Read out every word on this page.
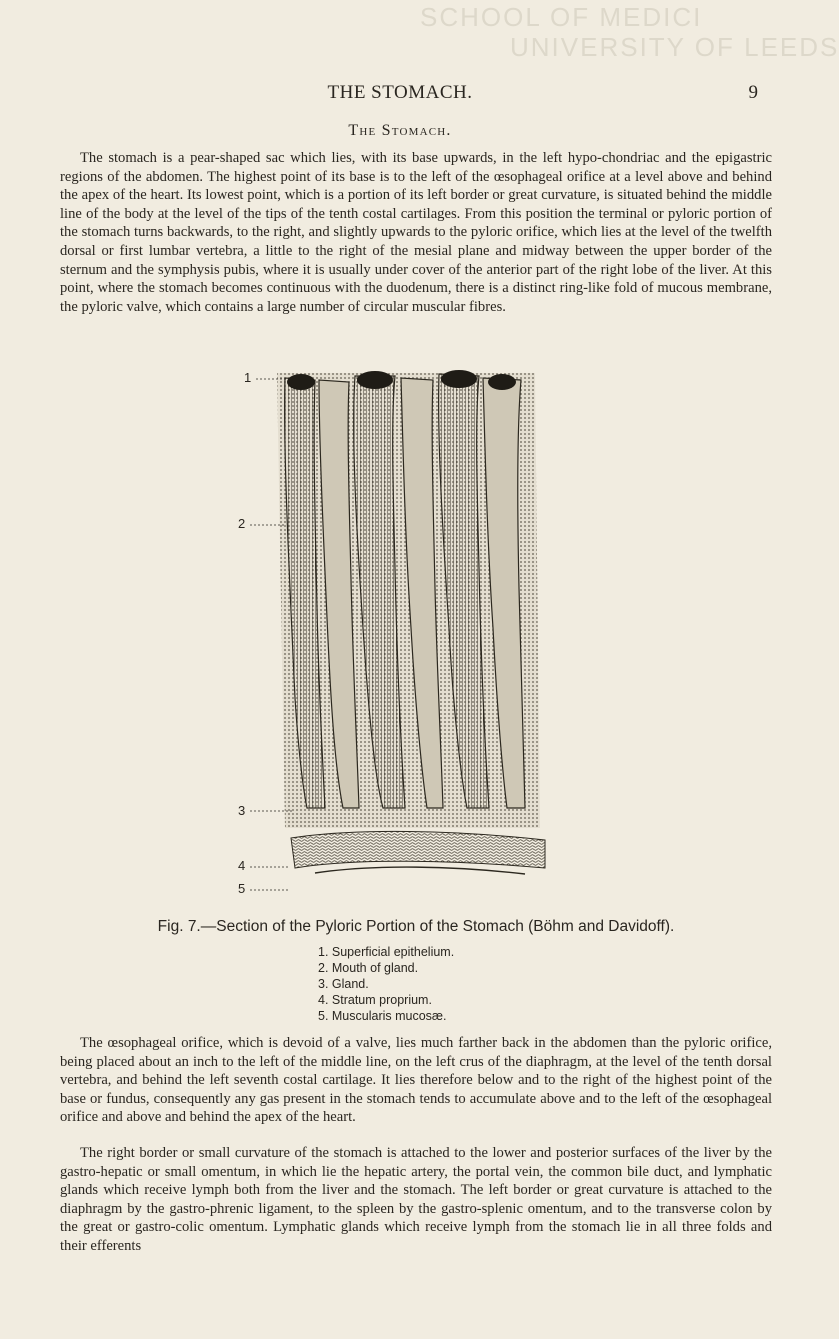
SCHOOL OF MEDICI
UNIVERSITY OF LEEDS
THE STOMACH.	9
The Stomach.

The stomach is a pear-shaped sac which lies, with its base upwards, in the left hypo-chondriac and the epigastric regions of the abdomen. The highest point of its base is to the left of the œsophageal orifice at a level above and behind the apex of the heart. Its lowest point, which is a portion of its left border or great curvature, is situated behind the middle line of the body at the level of the tips of the tenth costal cartilages. From this position the terminal or pyloric portion of the stomach turns backwards, to the right, and slightly upwards to the pyloric orifice, which lies at the level of the twelfth dorsal or first lumbar vertebra, a little to the right of the mesial plane and midway between the upper border of the sternum and the symphysis pubis, where it is usually under cover of the anterior part of the right lobe of the liver. At this point, where the stomach becomes continuous with the duodenum, there is a distinct ring-like fold of mucous membrane, the pyloric valve, which contains a large number of circular muscular fibres.

1
2
3
4
5
Fig. 7.—Section of the Pyloric Portion of the Stomach (Böhm and Davidoff).
1. Superficial epithelium.
2. Mouth of gland.
3. Gland.
4. Stratum proprium.
5. Muscularis mucosæ.

The œsophageal orifice, which is devoid of a valve, lies much farther back in the abdomen than the pyloric orifice, being placed about an inch to the left of the middle line, on the left crus of the diaphragm, at the level of the tenth dorsal vertebra, and behind the left seventh costal cartilage. It lies therefore below and to the right of the highest point of the base or fundus, consequently any gas present in the stomach tends to accumulate above and to the left of the œsophageal orifice and above and behind the apex of the heart.

The right border or small curvature of the stomach is attached to the lower and posterior surfaces of the liver by the gastro-hepatic or small omentum, in which lie the hepatic artery, the portal vein, the common bile duct, and lymphatic glands which receive lymph both from the liver and the stomach. The left border or great curvature is attached to the diaphragm by the gastro-phrenic ligament, to the spleen by the gastro-splenic omentum, and to the transverse colon by the great or gastro-colic omentum. Lymphatic glands which receive lymph from the stomach lie in all three folds and their efferents
